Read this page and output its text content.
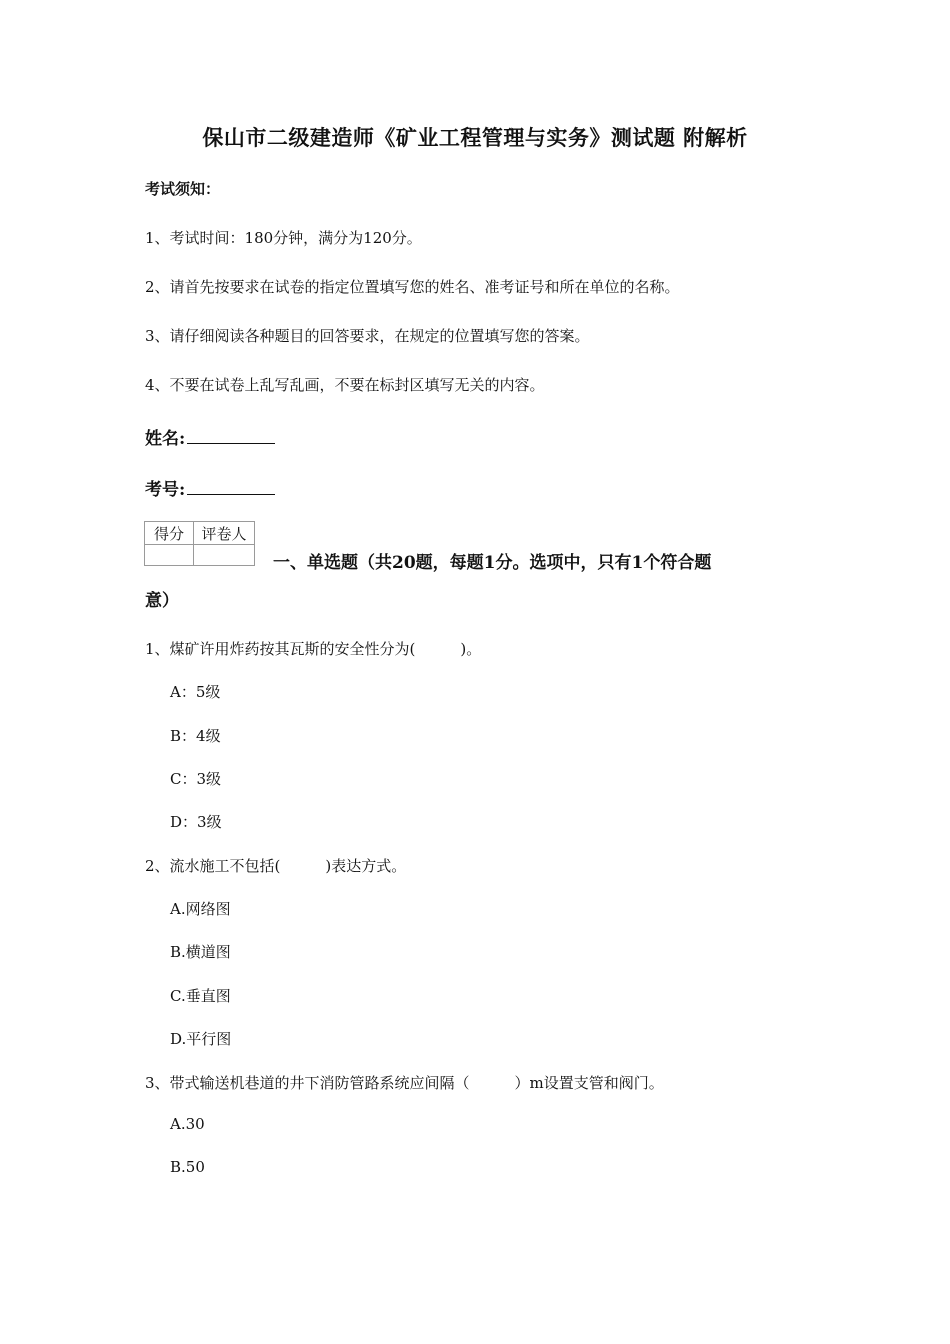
保山市二级建造师《矿业工程管理与实务》测试题 附解析
考试须知：
1、考试时间：180分钟，满分为120分。
2、请首先按要求在试卷的指定位置填写您的姓名、准考证号和所在单位的名称。
3、请仔细阅读各种题目的回答要求，在规定的位置填写您的答案。
4、不要在试卷上乱写乱画，不要在标封区填写无关的内容。
姓名:
考号:
得分	评卷人

一、单选题（共20题，每题1分。选项中，只有1个符合题
意）
1、煤矿许用炸药按其瓦斯的安全性分为(　　　)。
A：5级
B：4级
C：3级
D：3级
2、流水施工不包括(　　　)表达方式。
A.网络图
B.横道图
C.垂直图
D.平行图
3、带式输送机巷道的井下消防管路系统应间隔（　　　）m设置支管和阀门。
A.30
B.50
